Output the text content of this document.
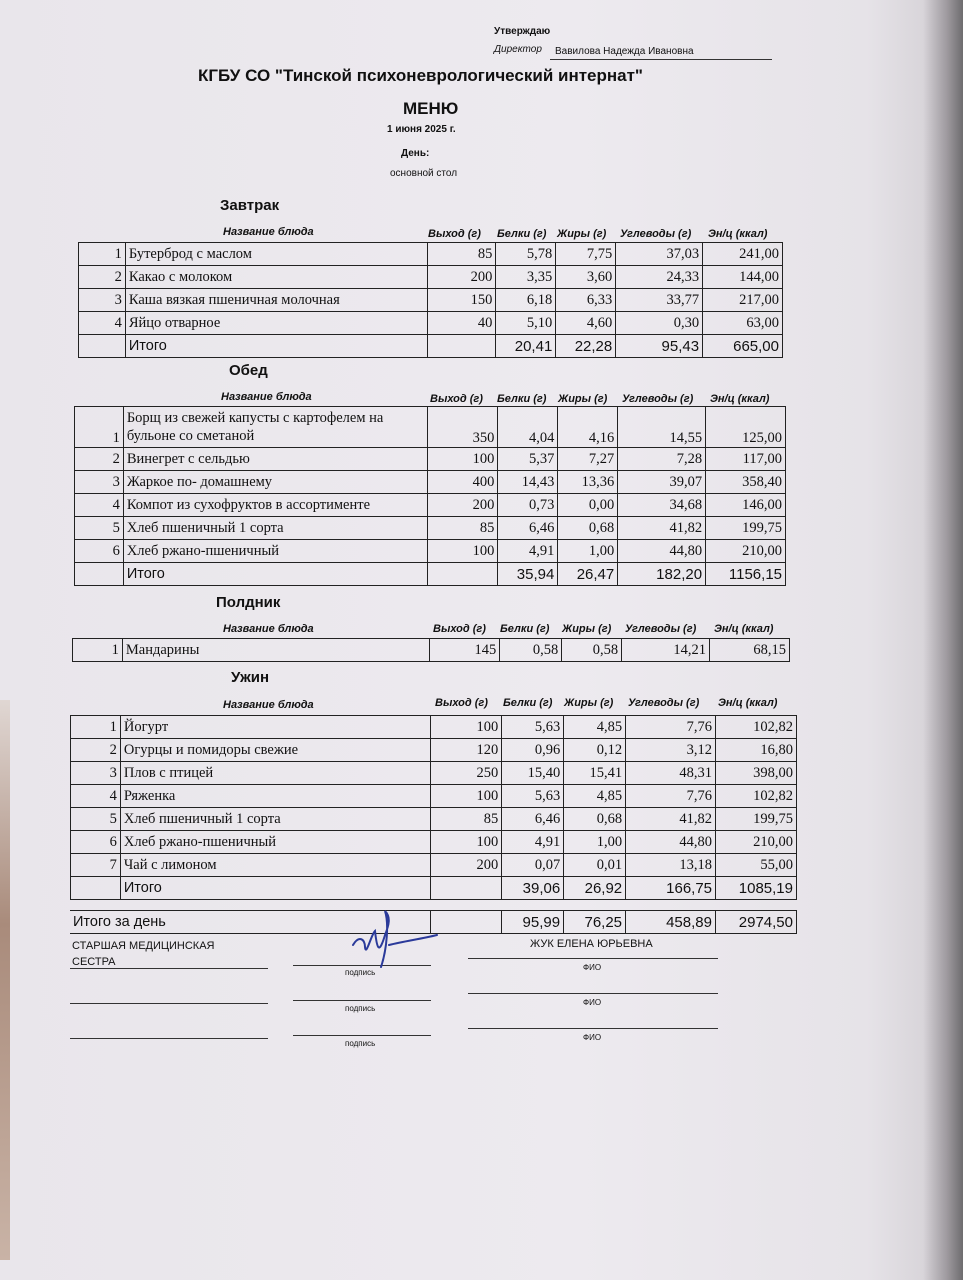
Утверждаю
Директор Вавилова Надежда Ивановна
КГБУ СО "Тинской психоневрологический интернат"
МЕНЮ
1 июня 2025 г.
День:
основной стол
Завтрак
Название блюда	Выход (г) Белки (г) Жиры (г) Углеводы (г) Эн/ц (ккал)
1	Бутерброд с маслом	85	5,78	7,75	37,03	241,00
2	Какао с молоком	200	3,35	3,60	24,33	144,00
3	Каша вязкая пшеничная молочная	150	6,18	6,33	33,77	217,00
4	Яйцо отварное	40	5,10	4,60	0,30	63,00
	Итого		20,41	22,28	95,43	665,00
Обед
Название блюда	Выход (г) Белки (г) Жиры (г) Углеводы (г) Эн/ц (ккал)
1	Борщ из свежей капусты с картофелем на
бульоне со сметаной	350	4,04	4,16	14,55	125,00
2	Винегрет с сельдью	100	5,37	7,27	7,28	117,00
3	Жаркое по- домашнему	400	14,43	13,36	39,07	358,40
4	Компот из сухофруктов в ассортименте	200	0,73	0,00	34,68	146,00
5	Хлеб пшеничный 1 сорта	85	6,46	0,68	41,82	199,75
6	Хлеб ржано-пшеничный	100	4,91	1,00	44,80	210,00
	Итого		35,94	26,47	182,20	1156,15
Полдник
Название блюда	Выход (г) Белки (г) Жиры (г) Углеводы (г) Эн/ц (ккал)
1	Мандарины	145	0,58	0,58	14,21	68,15
Ужин
Название блюда	Выход (г) Белки (г) Жиры (г) Углеводы (г) Эн/ц (ккал)
1	Йогурт	100	5,63	4,85	7,76	102,82
2	Огурцы и помидоры свежие	120	0,96	0,12	3,12	16,80
3	Плов с птицей	250	15,40	15,41	48,31	398,00
4	Ряженка	100	5,63	4,85	7,76	102,82
5	Хлеб пшеничный 1 сорта	85	6,46	0,68	41,82	199,75
6	Хлеб ржано-пшеничный	100	4,91	1,00	44,80	210,00
7	Чай с лимоном	200	0,07	0,01	13,18	55,00
	Итого		39,06	26,92	166,75	1085,19
Итого за день		95,99	76,25	458,89	2974,50
СТАРШАЯ МЕДИЦИНСКАЯ
СЕСТРА
ЖУК ЕЛЕНА ЮРЬЕВНА
подпись
ФИО
подпись
ФИО
подпись
ФИО
